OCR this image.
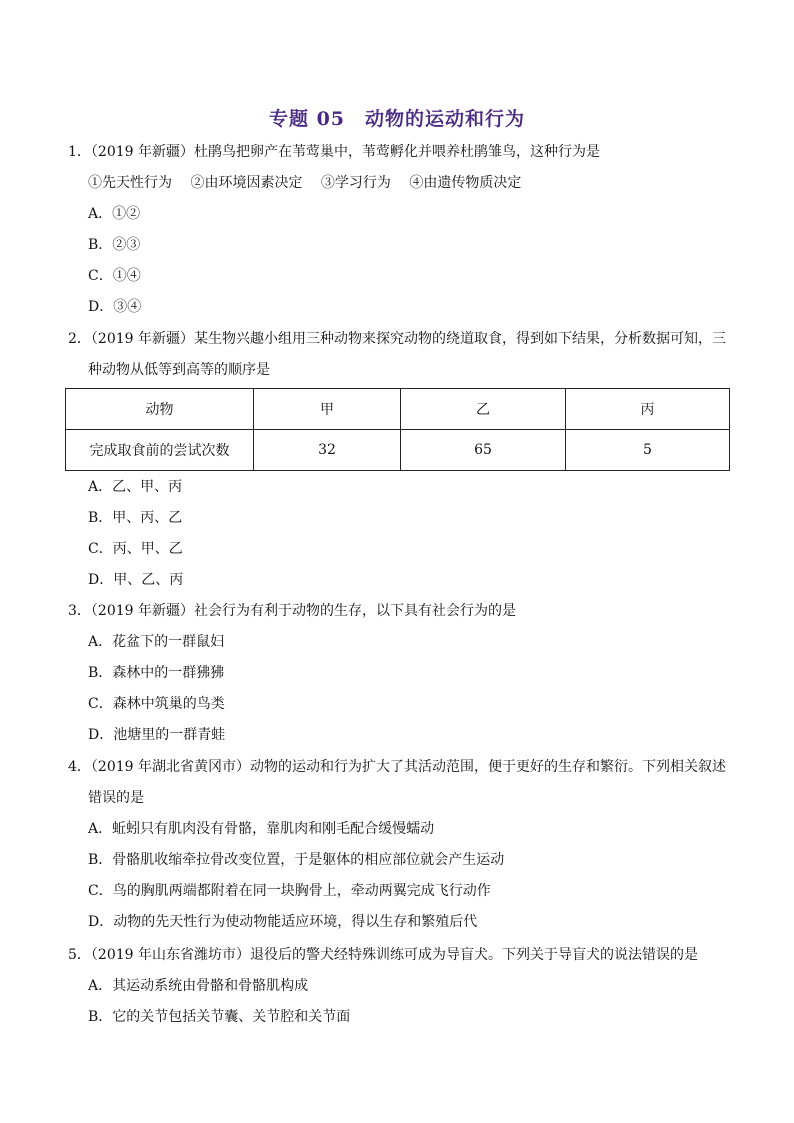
专题 05　动物的运动和行为
1．（2019 年新疆）杜鹃鸟把卵产在苇莺巢中，苇莺孵化并喂养杜鹃雏鸟，这种行为是
①先天性行为 ②由环境因素决定 ③学习行为 ④由遗传物质决定
A．①②
B．②③
C．①④
D．③④
2．（2019 年新疆）某生物兴趣小组用三种动物来探究动物的绕道取食，得到如下结果，分析数据可知，三种动物从低等到高等的顺序是
动物	甲	乙	丙
完成取食前的尝试次数	32	65	5
A．乙、甲、丙
B．甲、丙、乙
C．丙、甲、乙
D．甲、乙、丙
3．（2019 年新疆）社会行为有利于动物的生存，以下具有社会行为的是
A．花盆下的一群鼠妇
B．森林中的一群狒狒
C．森林中筑巢的鸟类
D．池塘里的一群青蛙
4．（2019 年湖北省黄冈市）动物的运动和行为扩大了其活动范围，便于更好的生存和繁衍。下列相关叙述错误的是
A．蚯蚓只有肌肉没有骨骼，靠肌肉和刚毛配合缓慢蠕动
B．骨骼肌收缩牵拉骨改变位置，于是躯体的相应部位就会产生运动
C．鸟的胸肌两端都附着在同一块胸骨上，牵动两翼完成飞行动作
D．动物的先天性行为使动物能适应环境，得以生存和繁殖后代
5．（2019 年山东省潍坊市）退役后的警犬经特殊训练可成为导盲犬。下列关于导盲犬的说法错误的是
A．其运动系统由骨骼和骨骼肌构成
B．它的关节包括关节囊、关节腔和关节面
